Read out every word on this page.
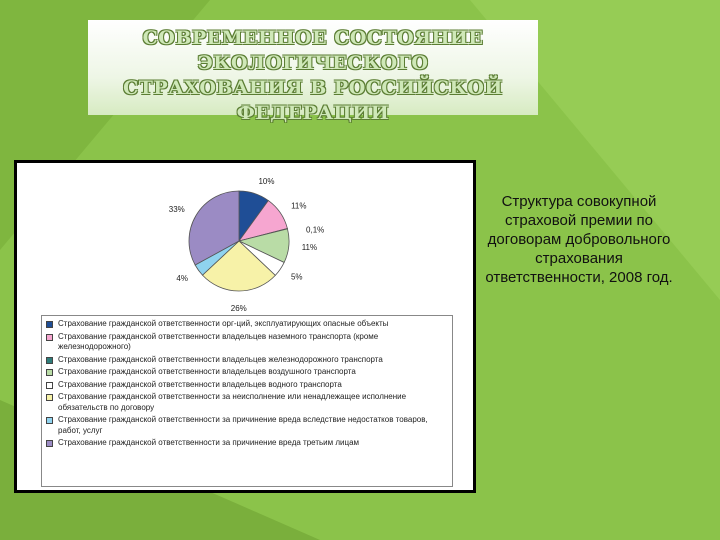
СОВРЕМЕННОЕ СОСТОЯНИЕ
ЭКОЛОГИЧЕСКОГО
СТРАХОВАНИЯ В РОССИЙСКОЙ
ФЕДЕРАЦИИ
10%
11%
0,1%
11%
5%
26%
4%
33%
Страхование гражданской ответственности орг-ций, эксплуатирующих опасные объекты
Страхование гражданской ответственности владельцев наземного транспорта (кроме железнодорожного)
Страхование гражданской ответственности владельцев железнодорожного транспорта
Страхование гражданской ответственности владельцев воздушного транспорта
Страхование гражданской ответственности владельцев водного транспорта
Страхование гражданской ответственности за неисполнение или ненадлежащее исполнение обязательств по договору
Страхование гражданской ответственности за причинение вреда вследствие недостатков товаров, работ, услуг
Страхование гражданской ответственности за причинение вреда третьим лицам
Структура совокупной страховой премии по договорам добровольного страхования ответственности, 2008 год.
